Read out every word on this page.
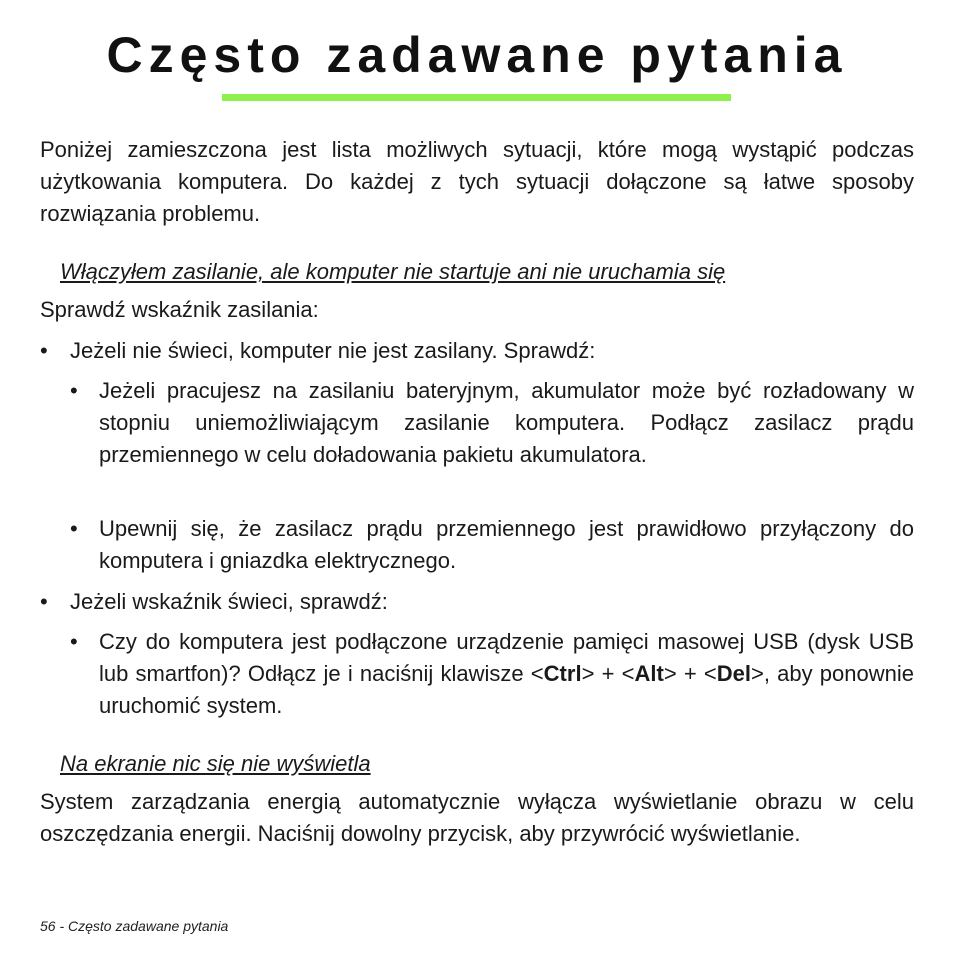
Często zadawane pytania

Poniżej zamieszczona jest lista możliwych sytuacji, które mogą wystąpić podczas użytkowania komputera. Do każdej z tych sytuacji dołączone są łatwe sposoby rozwiązania problemu.

Włączyłem zasilanie, ale komputer nie startuje ani nie uruchamia się

Sprawdź wskaźnik zasilania:

• Jeżeli nie świeci, komputer nie jest zasilany. Sprawdź:

• Jeżeli pracujesz na zasilaniu bateryjnym, akumulator może być rozładowany w stopniu uniemożliwiającym zasilanie komputera. Podłącz zasilacz prądu przemiennego w celu doładowania pakietu akumulatora.

• Upewnij się, że zasilacz prądu przemiennego jest prawidłowo przyłączony do komputera i gniazdka elektrycznego.

• Jeżeli wskaźnik świeci, sprawdź:

• Czy do komputera jest podłączone urządzenie pamięci masowej USB (dysk USB lub smartfon)? Odłącz je i naciśnij klawisze <Ctrl> + <Alt> + <Del>, aby ponownie uruchomić system.

Na ekranie nic się nie wyświetla

System zarządzania energią automatycznie wyłącza wyświetlanie obrazu w celu oszczędzania energii. Naciśnij dowolny przycisk, aby przywrócić wyświetlanie.

56 - Często zadawane pytania
